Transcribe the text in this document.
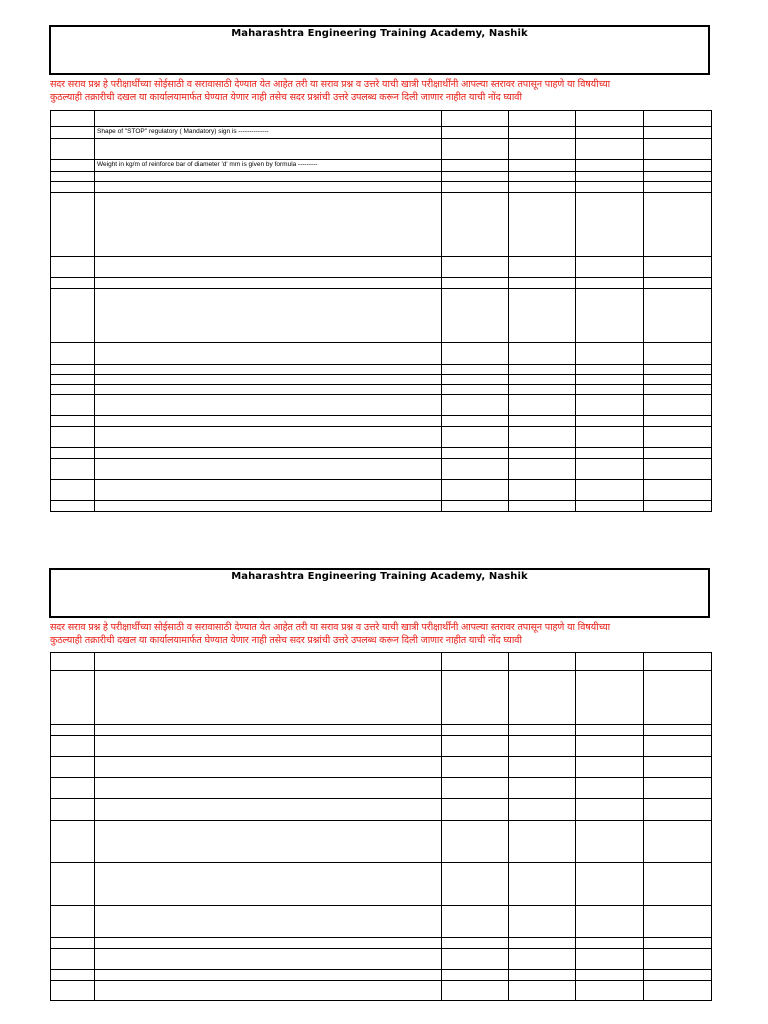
Maharashtra Engineering Training Academy, Nashik
सदर सराव प्रश्न हे परीक्षार्थींच्या सोईसाठी व सरावासाठी देण्यात येत आहेत तरी या सराव प्रश्न व उत्तरे याची खात्री परीक्षार्थींनी आपल्या स्तरावर तपासून पाहणे या विषयीच्या
कुठल्याही तक्रारीची दखल या कार्यालयामार्फत घेण्यात येणार नाही तसेच सदर प्रश्नांची उत्तरे उपलब्ध करून दिली जाणार नाहीत याची नोंद घ्यावी

	Shape of "STOP" regulatory ( Mandatory) sign is --------------				

	Weight in kg/m of reinforce bar of diameter 'd' mm is given by formula ---------				

Maharashtra Engineering Training Academy, Nashik
सदर सराव प्रश्न हे परीक्षार्थींच्या सोईसाठी व सरावासाठी देण्यात येत आहेत तरी या सराव प्रश्न व उत्तरे याची खात्री परीक्षार्थींनी आपल्या स्तरावर तपासून पाहणे या विषयीच्या
कुठल्याही तक्रारीची दखल या कार्यालयामार्फत घेण्यात येणार नाही तसेच सदर प्रश्नांची उत्तरे उपलब्ध करून दिली जाणार नाहीत याची नोंद घ्यावी
